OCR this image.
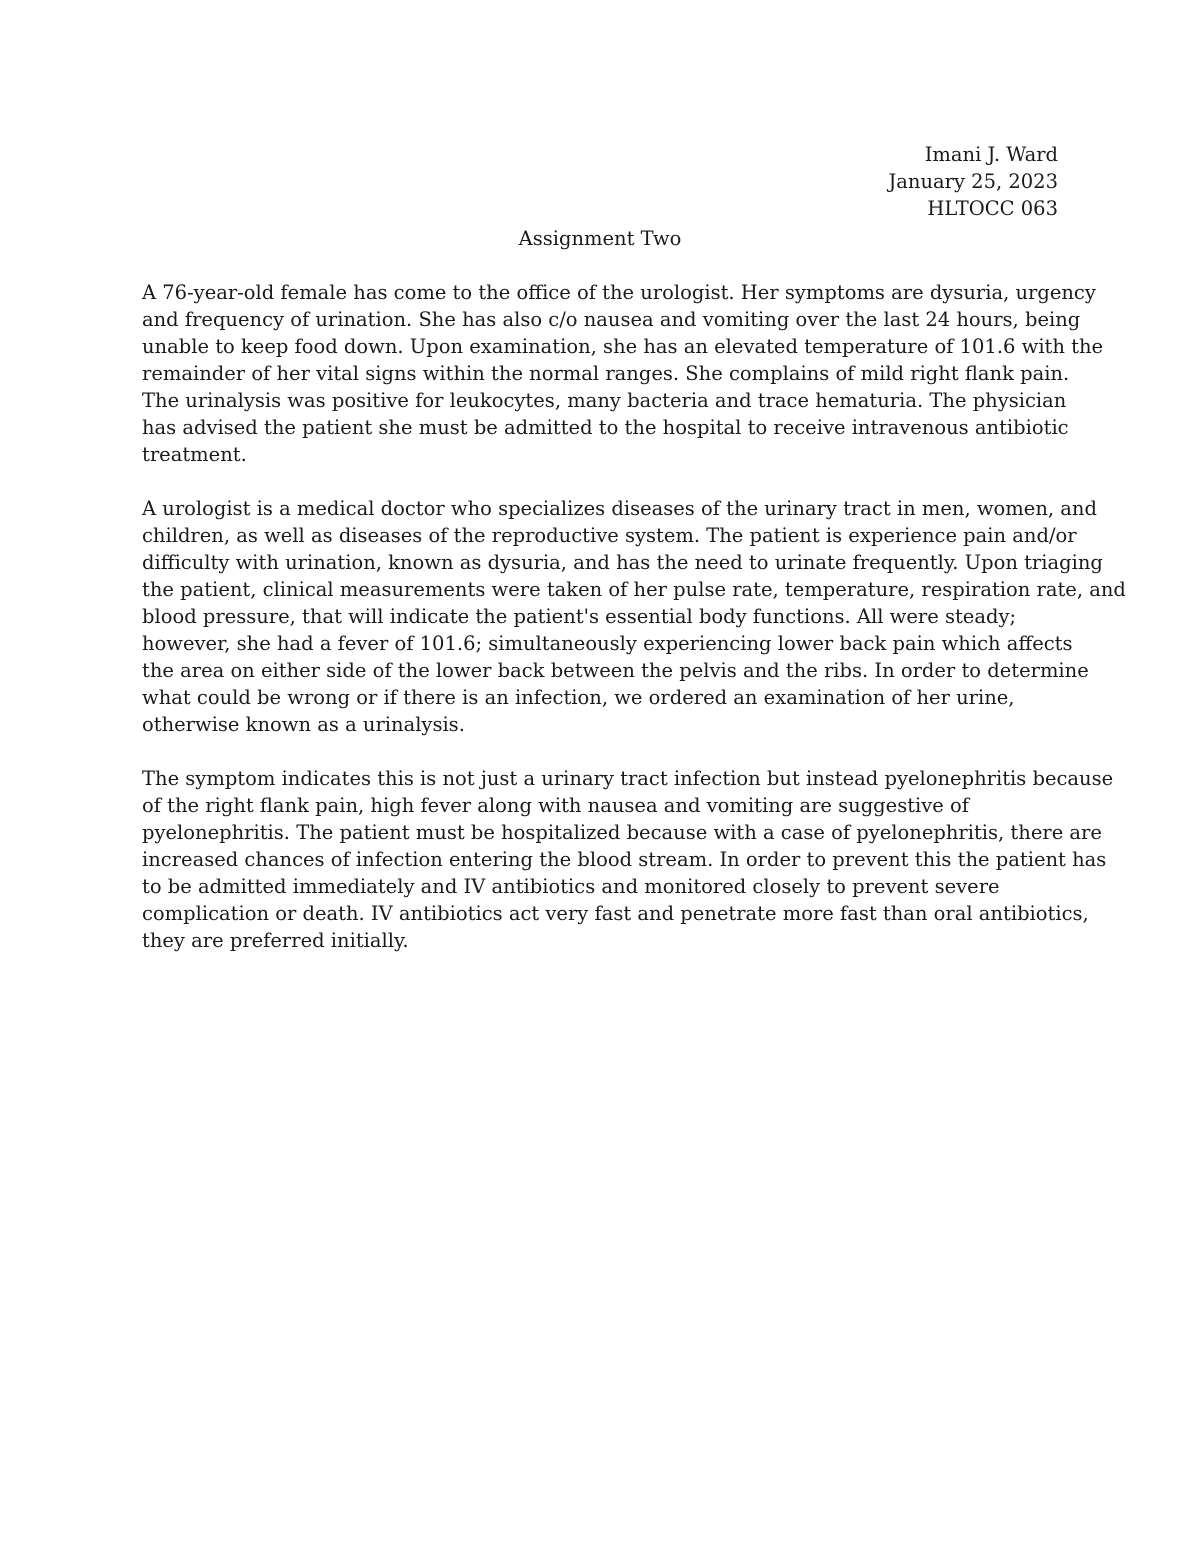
Imani J. Ward
January 25, 2023
HLTOCC 063
Assignment Two

A 76-year-old female has come to the office of the urologist. Her symptoms are dysuria, urgency
and frequency of urination. She has also c/o nausea and vomiting over the last 24 hours, being
unable to keep food down. Upon examination, she has an elevated temperature of 101.6 with the
remainder of her vital signs within the normal ranges. She complains of mild right flank pain.
The urinalysis was positive for leukocytes, many bacteria and trace hematuria. The physician
has advised the patient she must be admitted to the hospital to receive intravenous antibiotic
treatment.

A urologist is a medical doctor who specializes diseases of the urinary tract in men, women, and
children, as well as diseases of the reproductive system. The patient is experience pain and/or
difficulty with urination, known as dysuria, and has the need to urinate frequently. Upon triaging
the patient, clinical measurements were taken of her pulse rate, temperature, respiration rate, and
blood pressure, that will indicate the patient's essential body functions. All were steady;
however, she had a fever of 101.6; simultaneously experiencing lower back pain which affects
the area on either side of the lower back between the pelvis and the ribs. In order to determine
what could be wrong or if there is an infection, we ordered an examination of her urine,
otherwise known as a urinalysis.

The symptom indicates this is not just a urinary tract infection but instead pyelonephritis because
of the right flank pain, high fever along with nausea and vomiting are suggestive of
pyelonephritis. The patient must be hospitalized because with a case of pyelonephritis, there are
increased chances of infection entering the blood stream. In order to prevent this the patient has
to be admitted immediately and IV antibiotics and monitored closely to prevent severe
complication or death. IV antibiotics act very fast and penetrate more fast than oral antibiotics,
they are preferred initially.
